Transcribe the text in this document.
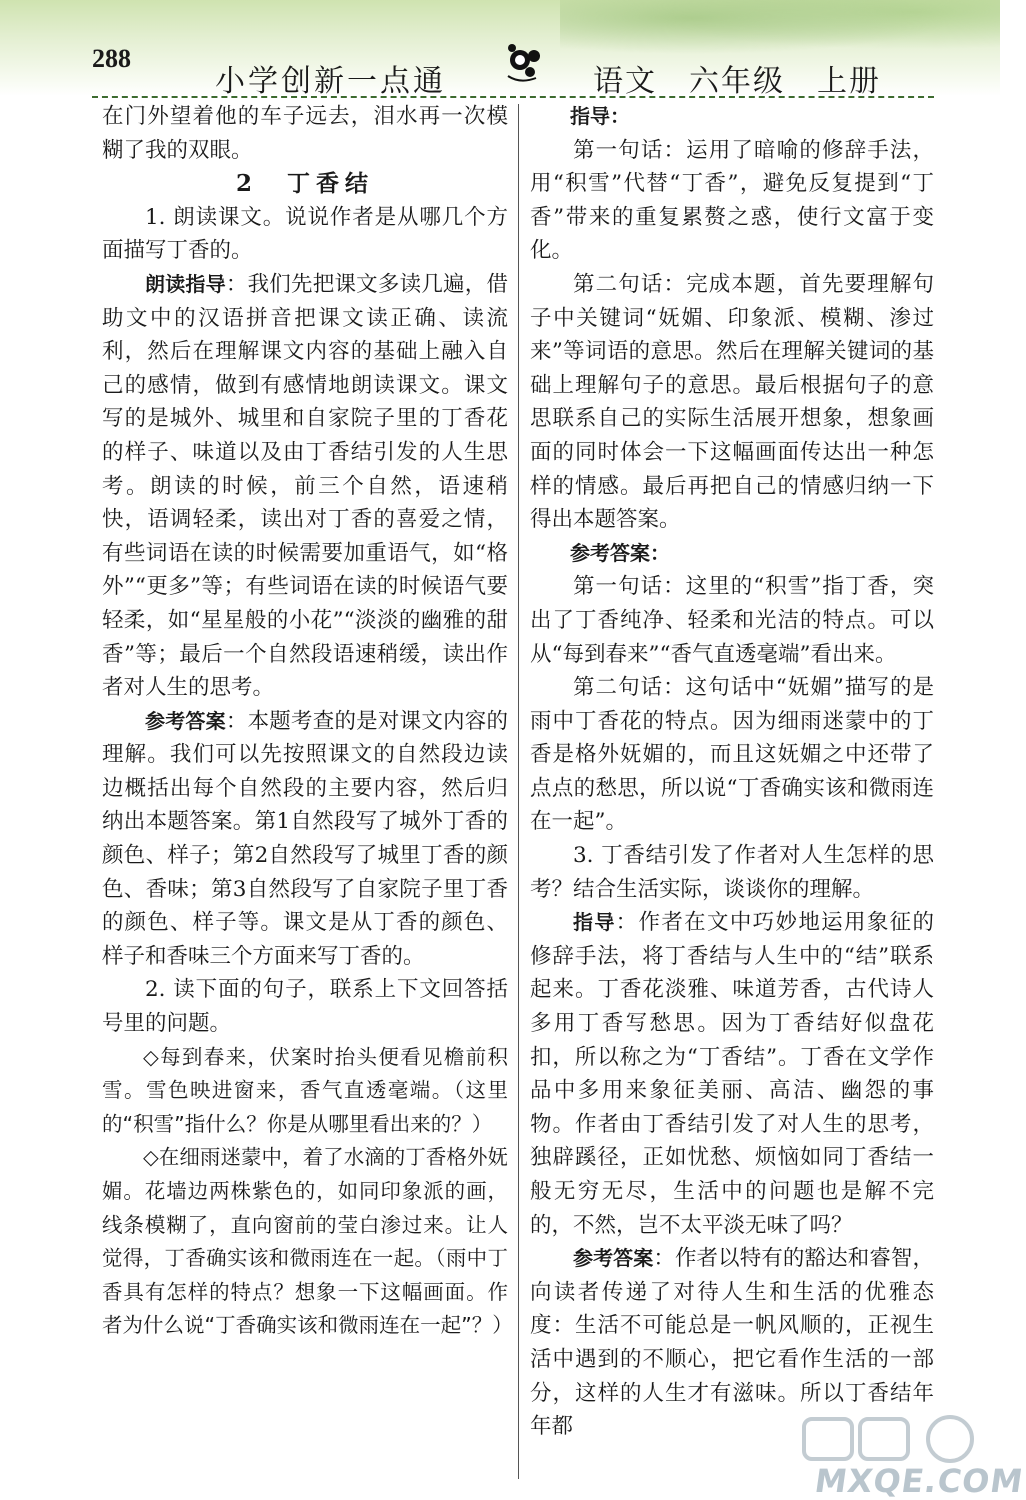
288
小学创新一点通	语文　六年级　上册

在门外望着他的车子远去，泪水再一次模糊了我的双眼。

2　丁香结

1. 朗读课文。说说作者是从哪几个方面描写丁香的。

朗读指导：我们先把课文多读几遍，借助文中的汉语拼音把课文读正确、读流利，然后在理解课文内容的基础上融入自己的感情，做到有感情地朗读课文。课文写的是城外、城里和自家院子里的丁香花的样子、味道以及由丁香结引发的人生思考。朗读的时候，前三个自然，语速稍快，语调轻柔，读出对丁香的喜爱之情，有些词语在读的时候需要加重语气，如“格外”“更多”等；有些词语在读的时候语气要轻柔，如“星星般的小花”“淡淡的幽雅的甜香”等；最后一个自然段语速稍缓，读出作者对人生的思考。

参考答案：本题考查的是对课文内容的理解。我们可以先按照课文的自然段边读边概括出每个自然段的主要内容，然后归纳出本题答案。第1自然段写了城外丁香的颜色、样子；第2自然段写了城里丁香的颜色、香味；第3自然段写了自家院子里丁香的颜色、样子等。课文是从丁香的颜色、样子和香味三个方面来写丁香的。

2. 读下面的句子，联系上下文回答括号里的问题。

◇每到春来，伏案时抬头便看见檐前积雪。雪色映进窗来，香气直透毫端。（这里的“积雪”指什么？你是从哪里看出来的？）

◇在细雨迷蒙中，着了水滴的丁香格外妩媚。花墙边两株紫色的，如同印象派的画，线条模糊了，直向窗前的莹白渗过来。让人觉得，丁香确实该和微雨连在一起。（雨中丁香具有怎样的特点？想象一下这幅画面。作者为什么说“丁香确实该和微雨连在一起”？）

指导：

第一句话：运用了暗喻的修辞手法，用“积雪”代替“丁香”，避免反复提到“丁香”带来的重复累赘之惑，使行文富于变化。

第二句话：完成本题，首先要理解句子中关键词“妩媚、印象派、模糊、渗过来”等词语的意思。然后在理解关键词的基础上理解句子的意思。最后根据句子的意思联系自己的实际生活展开想象，想象画面的同时体会一下这幅画面传达出一种怎样的情感。最后再把自己的情感归纳一下得出本题答案。

参考答案：

第一句话：这里的“积雪”指丁香，突出了丁香纯净、轻柔和光洁的特点。可以从“每到春来”“香气直透毫端”看出来。

第二句话：这句话中“妩媚”描写的是雨中丁香花的特点。因为细雨迷蒙中的丁香是格外妩媚的，而且这妩媚之中还带了点点的愁思，所以说“丁香确实该和微雨连在一起”。

3. 丁香结引发了作者对人生怎样的思考？结合生活实际，谈谈你的理解。

指导：作者在文中巧妙地运用象征的修辞手法，将丁香结与人生中的“结”联系起来。丁香花淡雅、味道芳香，古代诗人多用丁香写愁思。因为丁香结好似盘花扣，所以称之为“丁香结”。丁香在文学作品中多用来象征美丽、高洁、幽怨的事物。作者由丁香结引发了对人生的思考，独辟蹊径，正如忧愁、烦恼如同丁香结一般无穷无尽，生活中的问题也是解不完的，不然，岂不太平淡无味了吗？

参考答案：作者以特有的豁达和睿智，向读者传递了对待人生和生活的优雅态度：生活不可能总是一帆风顺的，正视生活中遇到的不顺心，把它看作生活的一部分，这样的人生才有滋味。所以丁香结年年都

MXQE.COM
